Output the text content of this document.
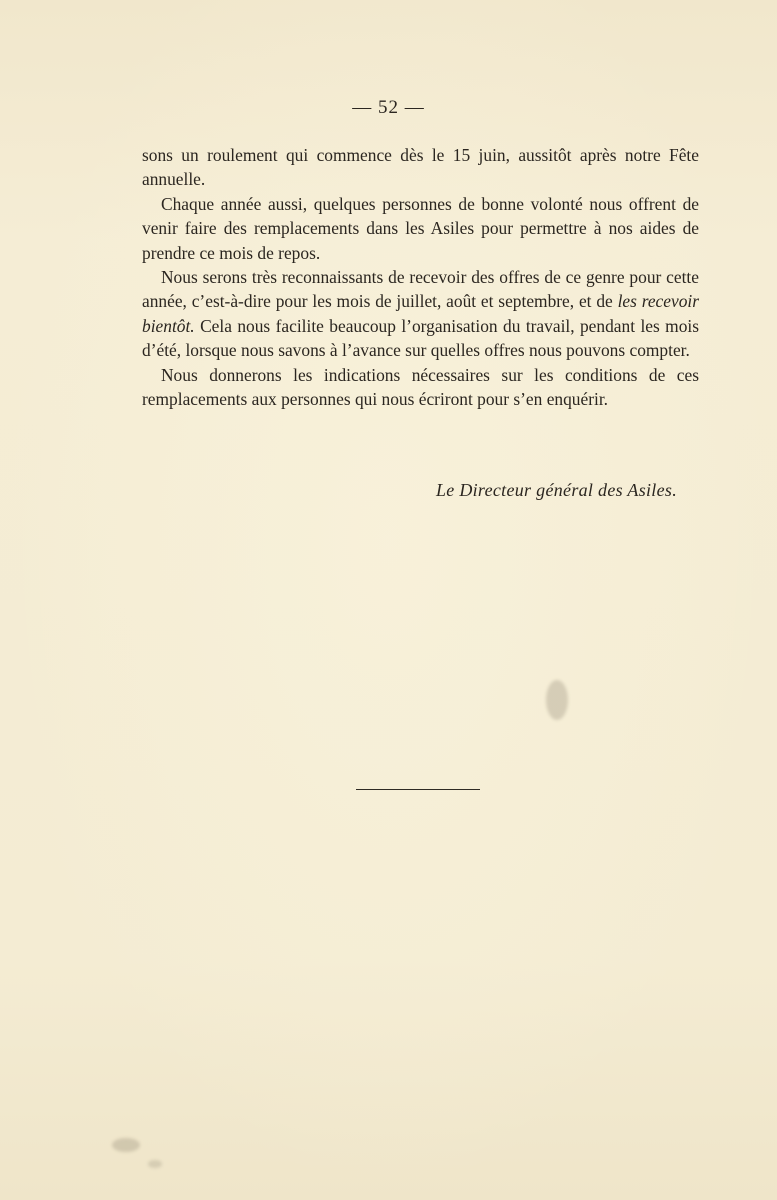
— 52 —

sons un roulement qui commence dès le 15 juin, aussitôt après notre Fête annuelle.

Chaque année aussi, quelques personnes de bonne volonté nous offrent de venir faire des remplacements dans les Asiles pour permettre à nos aides de prendre ce mois de repos.

Nous serons très reconnaissants de recevoir des offres de ce genre pour cette année, c’est-à-dire pour les mois de juillet, août et septembre, et de les recevoir bientôt. Cela nous facilite beaucoup l’organisation du travail, pendant les mois d’été, lorsque nous savons à l’avance sur quelles offres nous pouvons compter.

Nous donnerons les indications nécessaires sur les conditions de ces remplacements aux personnes qui nous écriront pour s’en enquérir.

Le Directeur général des Asiles.
